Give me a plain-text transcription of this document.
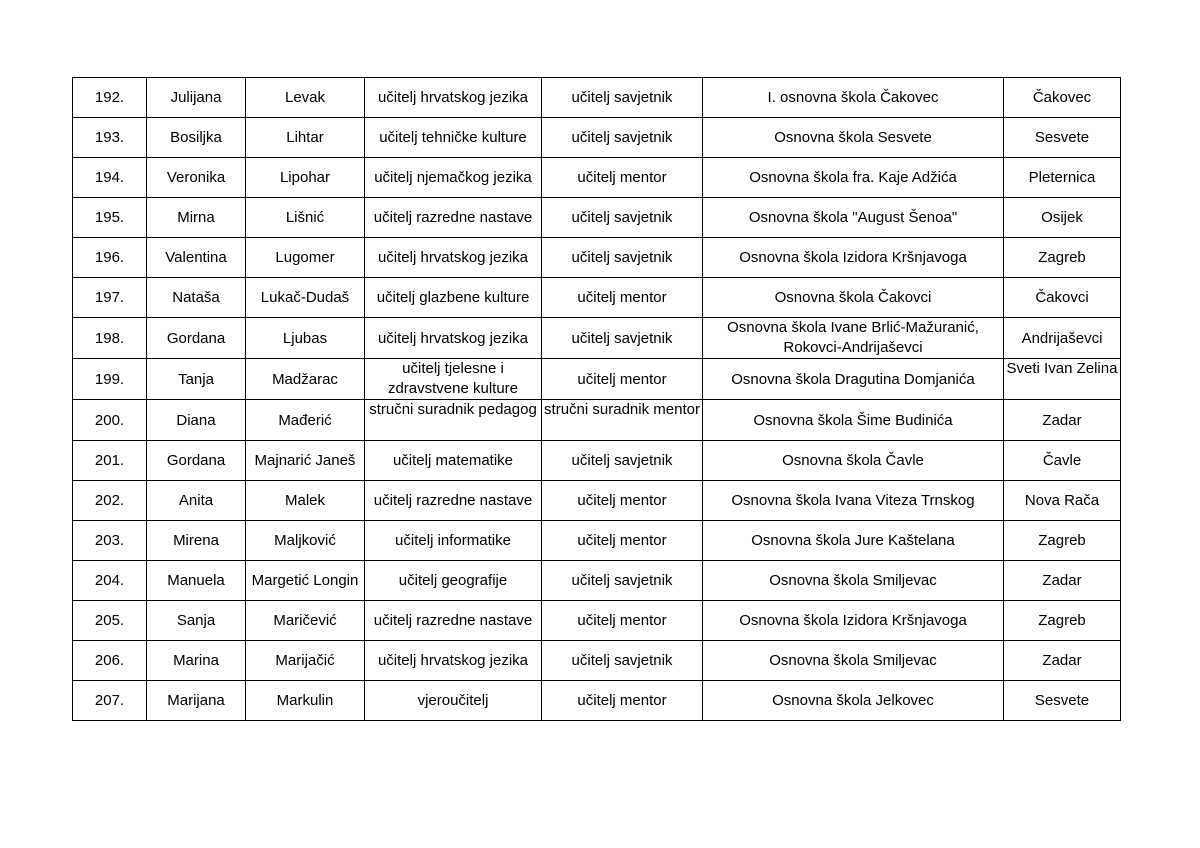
192.	Julijana	Levak	učitelj hrvatskog jezika	učitelj savjetnik	I. osnovna škola Čakovec	Čakovec
193.	Bosiljka	Lihtar	učitelj tehničke kulture	učitelj savjetnik	Osnovna škola Sesvete	Sesvete
194.	Veronika	Lipohar	učitelj njemačkog jezika	učitelj mentor	Osnovna škola fra. Kaje Adžića	Pleternica
195.	Mirna	Lišnić	učitelj razredne nastave	učitelj savjetnik	Osnovna škola "August Šenoa"	Osijek
196.	Valentina	Lugomer	učitelj hrvatskog jezika	učitelj savjetnik	Osnovna škola Izidora Kršnjavoga	Zagreb
197.	Nataša	Lukač-Dudaš	učitelj glazbene kulture	učitelj mentor	Osnovna škola Čakovci	Čakovci
198.	Gordana	Ljubas	učitelj hrvatskog jezika	učitelj savjetnik	Osnovna škola Ivane Brlić-Mažuranić, Rokovci-Andrijaševci	Andrijaševci
199.	Tanja	Madžarac	učitelj tjelesne i zdravstvene kulture	učitelj mentor	Osnovna škola Dragutina Domjanića	Sveti Ivan Zelina

200.	Diana	Mađerić	stručni suradnik pedagog	stručni suradnik mentor	Osnovna škola Šime Budinića	Zadar
201.	Gordana	Majnarić Janeš	učitelj matematike	učitelj savjetnik	Osnovna škola Čavle	Čavle
202.	Anita	Malek	učitelj razredne nastave	učitelj mentor	Osnovna škola Ivana Viteza Trnskog	Nova Rača
203.	Mirena	Maljković	učitelj informatike	učitelj mentor	Osnovna škola Jure Kaštelana	Zagreb
204.	Manuela	Margetić Longin	učitelj geografije	učitelj savjetnik	Osnovna škola Smiljevac	Zadar
205.	Sanja	Maričević	učitelj razredne nastave	učitelj mentor	Osnovna škola Izidora Kršnjavoga	Zagreb
206.	Marina	Marijačić	učitelj hrvatskog jezika	učitelj savjetnik	Osnovna škola Smiljevac	Zadar
207.	Marijana	Markulin	vjeroučitelj	učitelj mentor	Osnovna škola Jelkovec	Sesvete
